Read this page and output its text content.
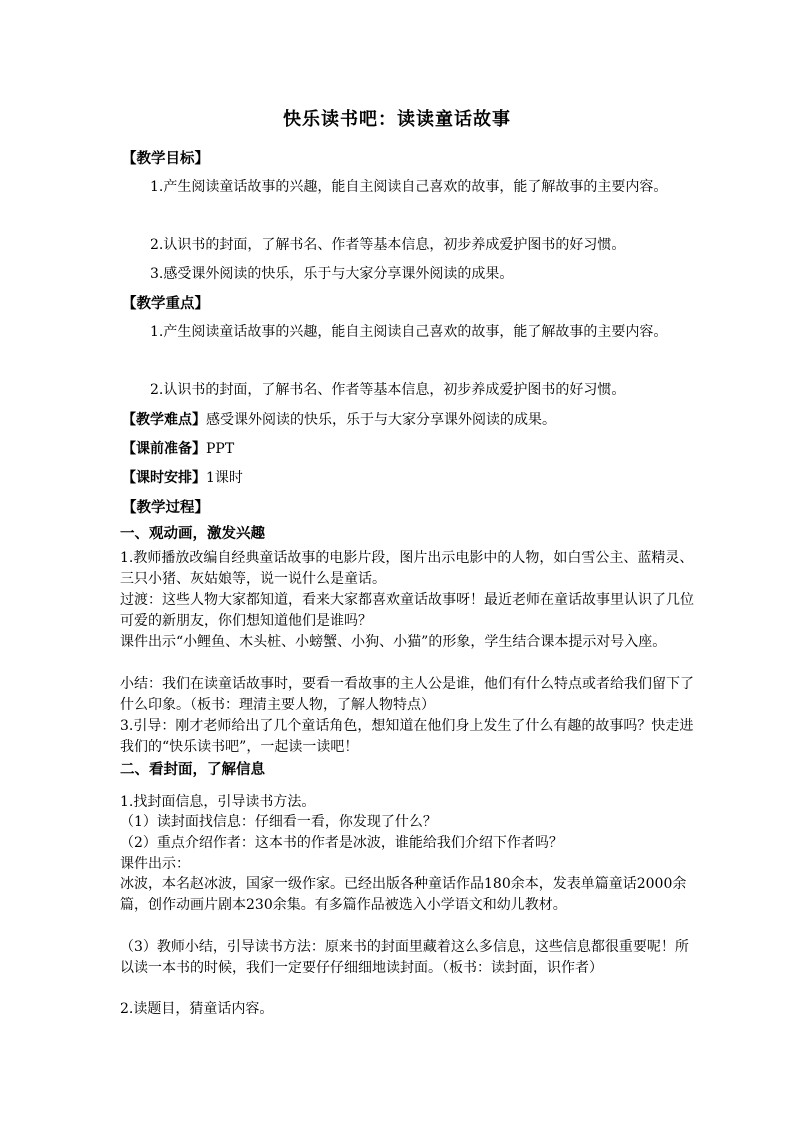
快乐读书吧：读读童话故事
【教学目标】
1.产生阅读童话故事的兴趣，能自主阅读自己喜欢的故事，能了解故事的主要内容。
2.认识书的封面，了解书名、作者等基本信息，初步养成爱护图书的好习惯。
3.感受课外阅读的快乐，乐于与大家分享课外阅读的成果。
【教学重点】
1.产生阅读童话故事的兴趣，能自主阅读自己喜欢的故事，能了解故事的主要内容。
2.认识书的封面，了解书名、作者等基本信息，初步养成爱护图书的好习惯。
【教学难点】感受课外阅读的快乐，乐于与大家分享课外阅读的成果。
【课前准备】PPT
【课时安排】1课时
【教学过程】
一、观动画，激发兴趣
1.教师播放改编自经典童话故事的电影片段，图片出示电影中的人物，如白雪公主、蓝精灵、三只小猪、灰姑娘等，说一说什么是童话。
过渡：这些人物大家都知道，看来大家都喜欢童话故事呀！最近老师在童话故事里认识了几位可爱的新朋友，你们想知道他们是谁吗？
课件出示“小鲤鱼、木头桩、小螃蟹、小狗、小猫”的形象，学生结合课本提示对号入座。
小结：我们在读童话故事时，要看一看故事的主人公是谁，他们有什么特点或者给我们留下了什么印象。（板书：理清主要人物，了解人物特点）
3.引导：刚才老师给出了几个童话角色，想知道在他们身上发生了什么有趣的故事吗？快走进我们的“快乐读书吧”，一起读一读吧！
二、看封面，了解信息
1.找封面信息，引导读书方法。
（1）读封面找信息：仔细看一看，你发现了什么？
（2）重点介绍作者：这本书的作者是冰波，谁能给我们介绍下作者吗？
课件出示：
冰波，本名赵冰波，国家一级作家。已经出版各种童话作品180余本，发表单篇童话2000余篇，创作动画片剧本230余集。有多篇作品被选入小学语文和幼儿教材。
（3）教师小结，引导读书方法：原来书的封面里藏着这么多信息，这些信息都很重要呢！所以读一本书的时候，我们一定要仔仔细细地读封面。（板书：读封面，识作者）
2.读题目，猜童话内容。
